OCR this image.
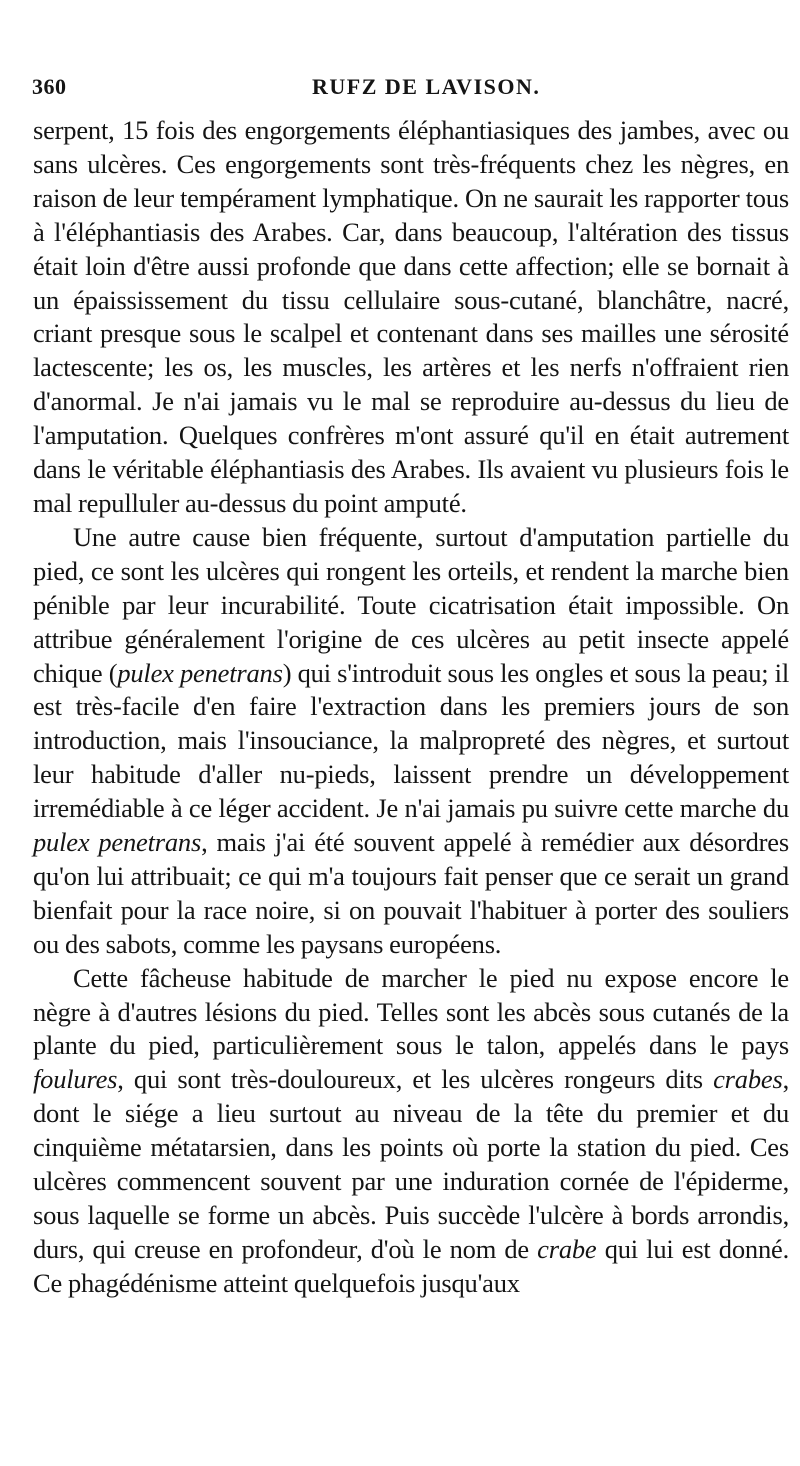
360	RUFZ DE LAVISON.

serpent, 15 fois des engorgements éléphantiasiques des jambes, avec ou sans ulcères. Ces engorgements sont très-fréquents chez les nègres, en raison de leur tempérament lymphatique. On ne saurait les rapporter tous à l'éléphantiasis des Arabes. Car, dans beaucoup, l'altération des tissus était loin d'être aussi profonde que dans cette affection; elle se bornait à un épaississement du tissu cellulaire sous-cutané, blanchâtre, nacré, criant presque sous le scalpel et contenant dans ses mailles une sérosité lactescente; les os, les muscles, les artères et les nerfs n'offraient rien d'anormal. Je n'ai jamais vu le mal se reproduire au-dessus du lieu de l'amputation. Quelques confrères m'ont assuré qu'il en était autrement dans le véritable éléphantiasis des Arabes. Ils avaient vu plusieurs fois le mal repulluler au-dessus du point amputé.

Une autre cause bien fréquente, surtout d'amputation partielle du pied, ce sont les ulcères qui rongent les orteils, et rendent la marche bien pénible par leur incurabilité. Toute cicatrisation était impossible. On attribue généralement l'origine de ces ulcères au petit insecte appelé chique (pulex penetrans) qui s'introduit sous les ongles et sous la peau; il est très-facile d'en faire l'extraction dans les premiers jours de son introduction, mais l'insouciance, la malpropreté des nègres, et surtout leur habitude d'aller nu-pieds, laissent prendre un développement irremédiable à ce léger accident. Je n'ai jamais pu suivre cette marche du pulex penetrans, mais j'ai été souvent appelé à remédier aux désordres qu'on lui attribuait; ce qui m'a toujours fait penser que ce serait un grand bienfait pour la race noire, si on pouvait l'habituer à porter des souliers ou des sabots, comme les paysans européens.

Cette fâcheuse habitude de marcher le pied nu expose encore le nègre à d'autres lésions du pied. Telles sont les abcès sous cutanés de la plante du pied, particulièrement sous le talon, appelés dans le pays foulures, qui sont très-douloureux, et les ulcères rongeurs dits crabes, dont le siége a lieu surtout au niveau de la tête du premier et du cinquième métatarsien, dans les points où porte la station du pied. Ces ulcères commencent souvent par une induration cornée de l'épiderme, sous laquelle se forme un abcès. Puis succède l'ulcère à bords arrondis, durs, qui creuse en profondeur, d'où le nom de crabe qui lui est donné. Ce phagédénisme atteint quelquefois jusqu'aux
